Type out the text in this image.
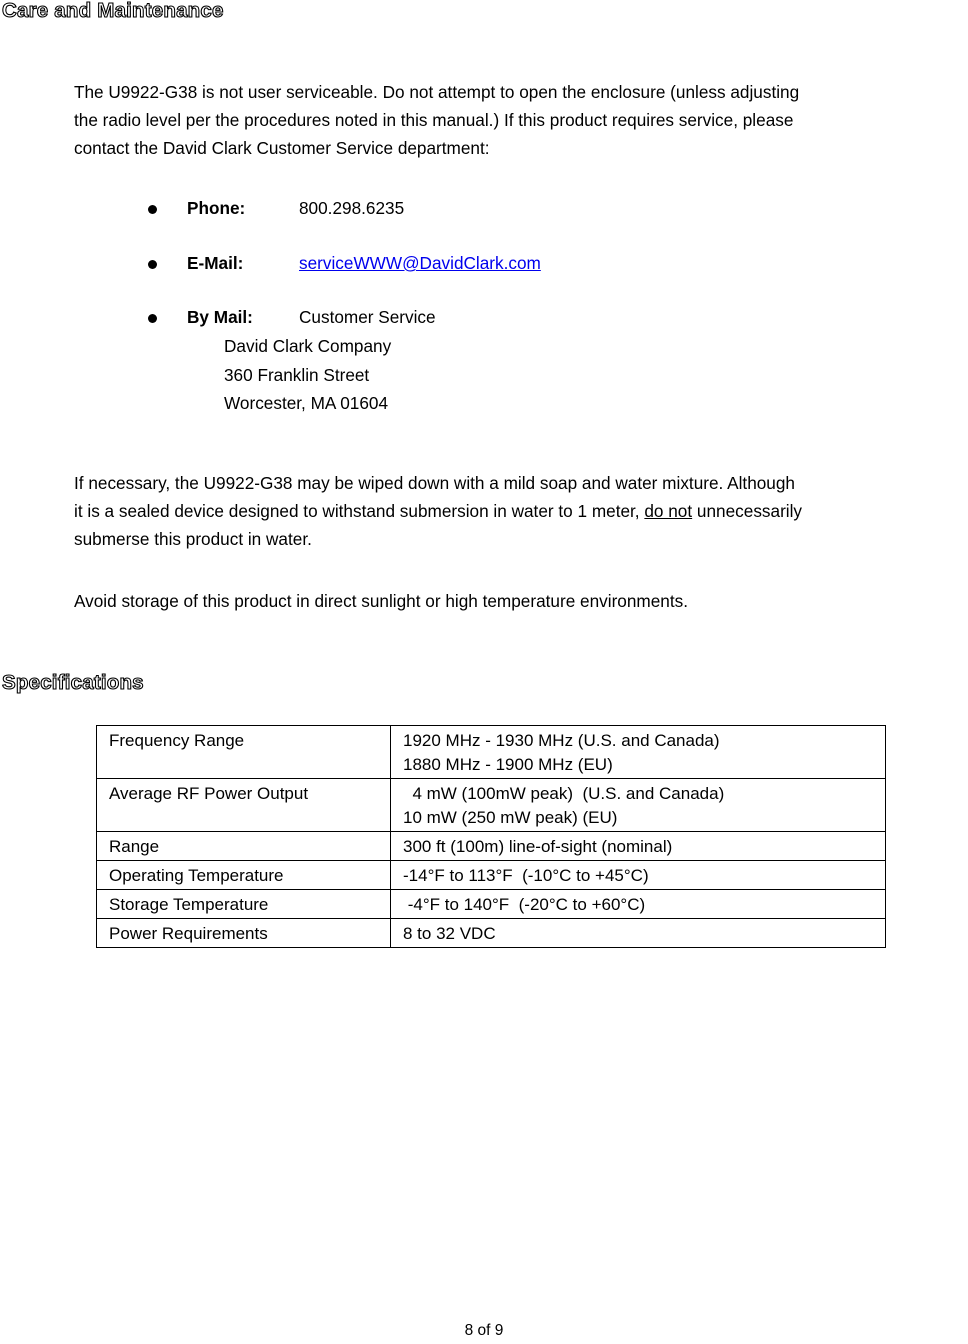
Care and Maintenance
The U9922-G38 is not user serviceable. Do not attempt to open the enclosure (unless adjusting
the radio level per the procedures noted in this manual.) If this product requires service, please
contact the David Clark Customer Service department:
Phone:	800.298.6235
E-Mail:	serviceWWW@DavidClark.com
By Mail:	Customer Service
David Clark Company
360 Franklin Street
Worcester, MA 01604
If necessary, the U9922-G38 may be wiped down with a mild soap and water mixture. Although
it is a sealed device designed to withstand submersion in water to 1 meter, do not unnecessarily
submerse this product in water.
Avoid storage of this product in direct sunlight or high temperature environments.
Specifications
Frequency Range	1920 MHz - 1930 MHz (U.S. and Canada)
1880 MHz - 1900 MHz (EU)

Average RF Power Output	4 mW (100mW peak)  (U.S. and Canada)
10 mW (250 mW peak) (EU)

Range	300 ft (100m) line-of-sight (nominal)

Operating Temperature	-14°F to 113°F  (-10°C to +45°C)

Storage Temperature	-4°F to 140°F  (-20°C to +60°C)

Power Requirements	8 to 32 VDC
8 of 9
